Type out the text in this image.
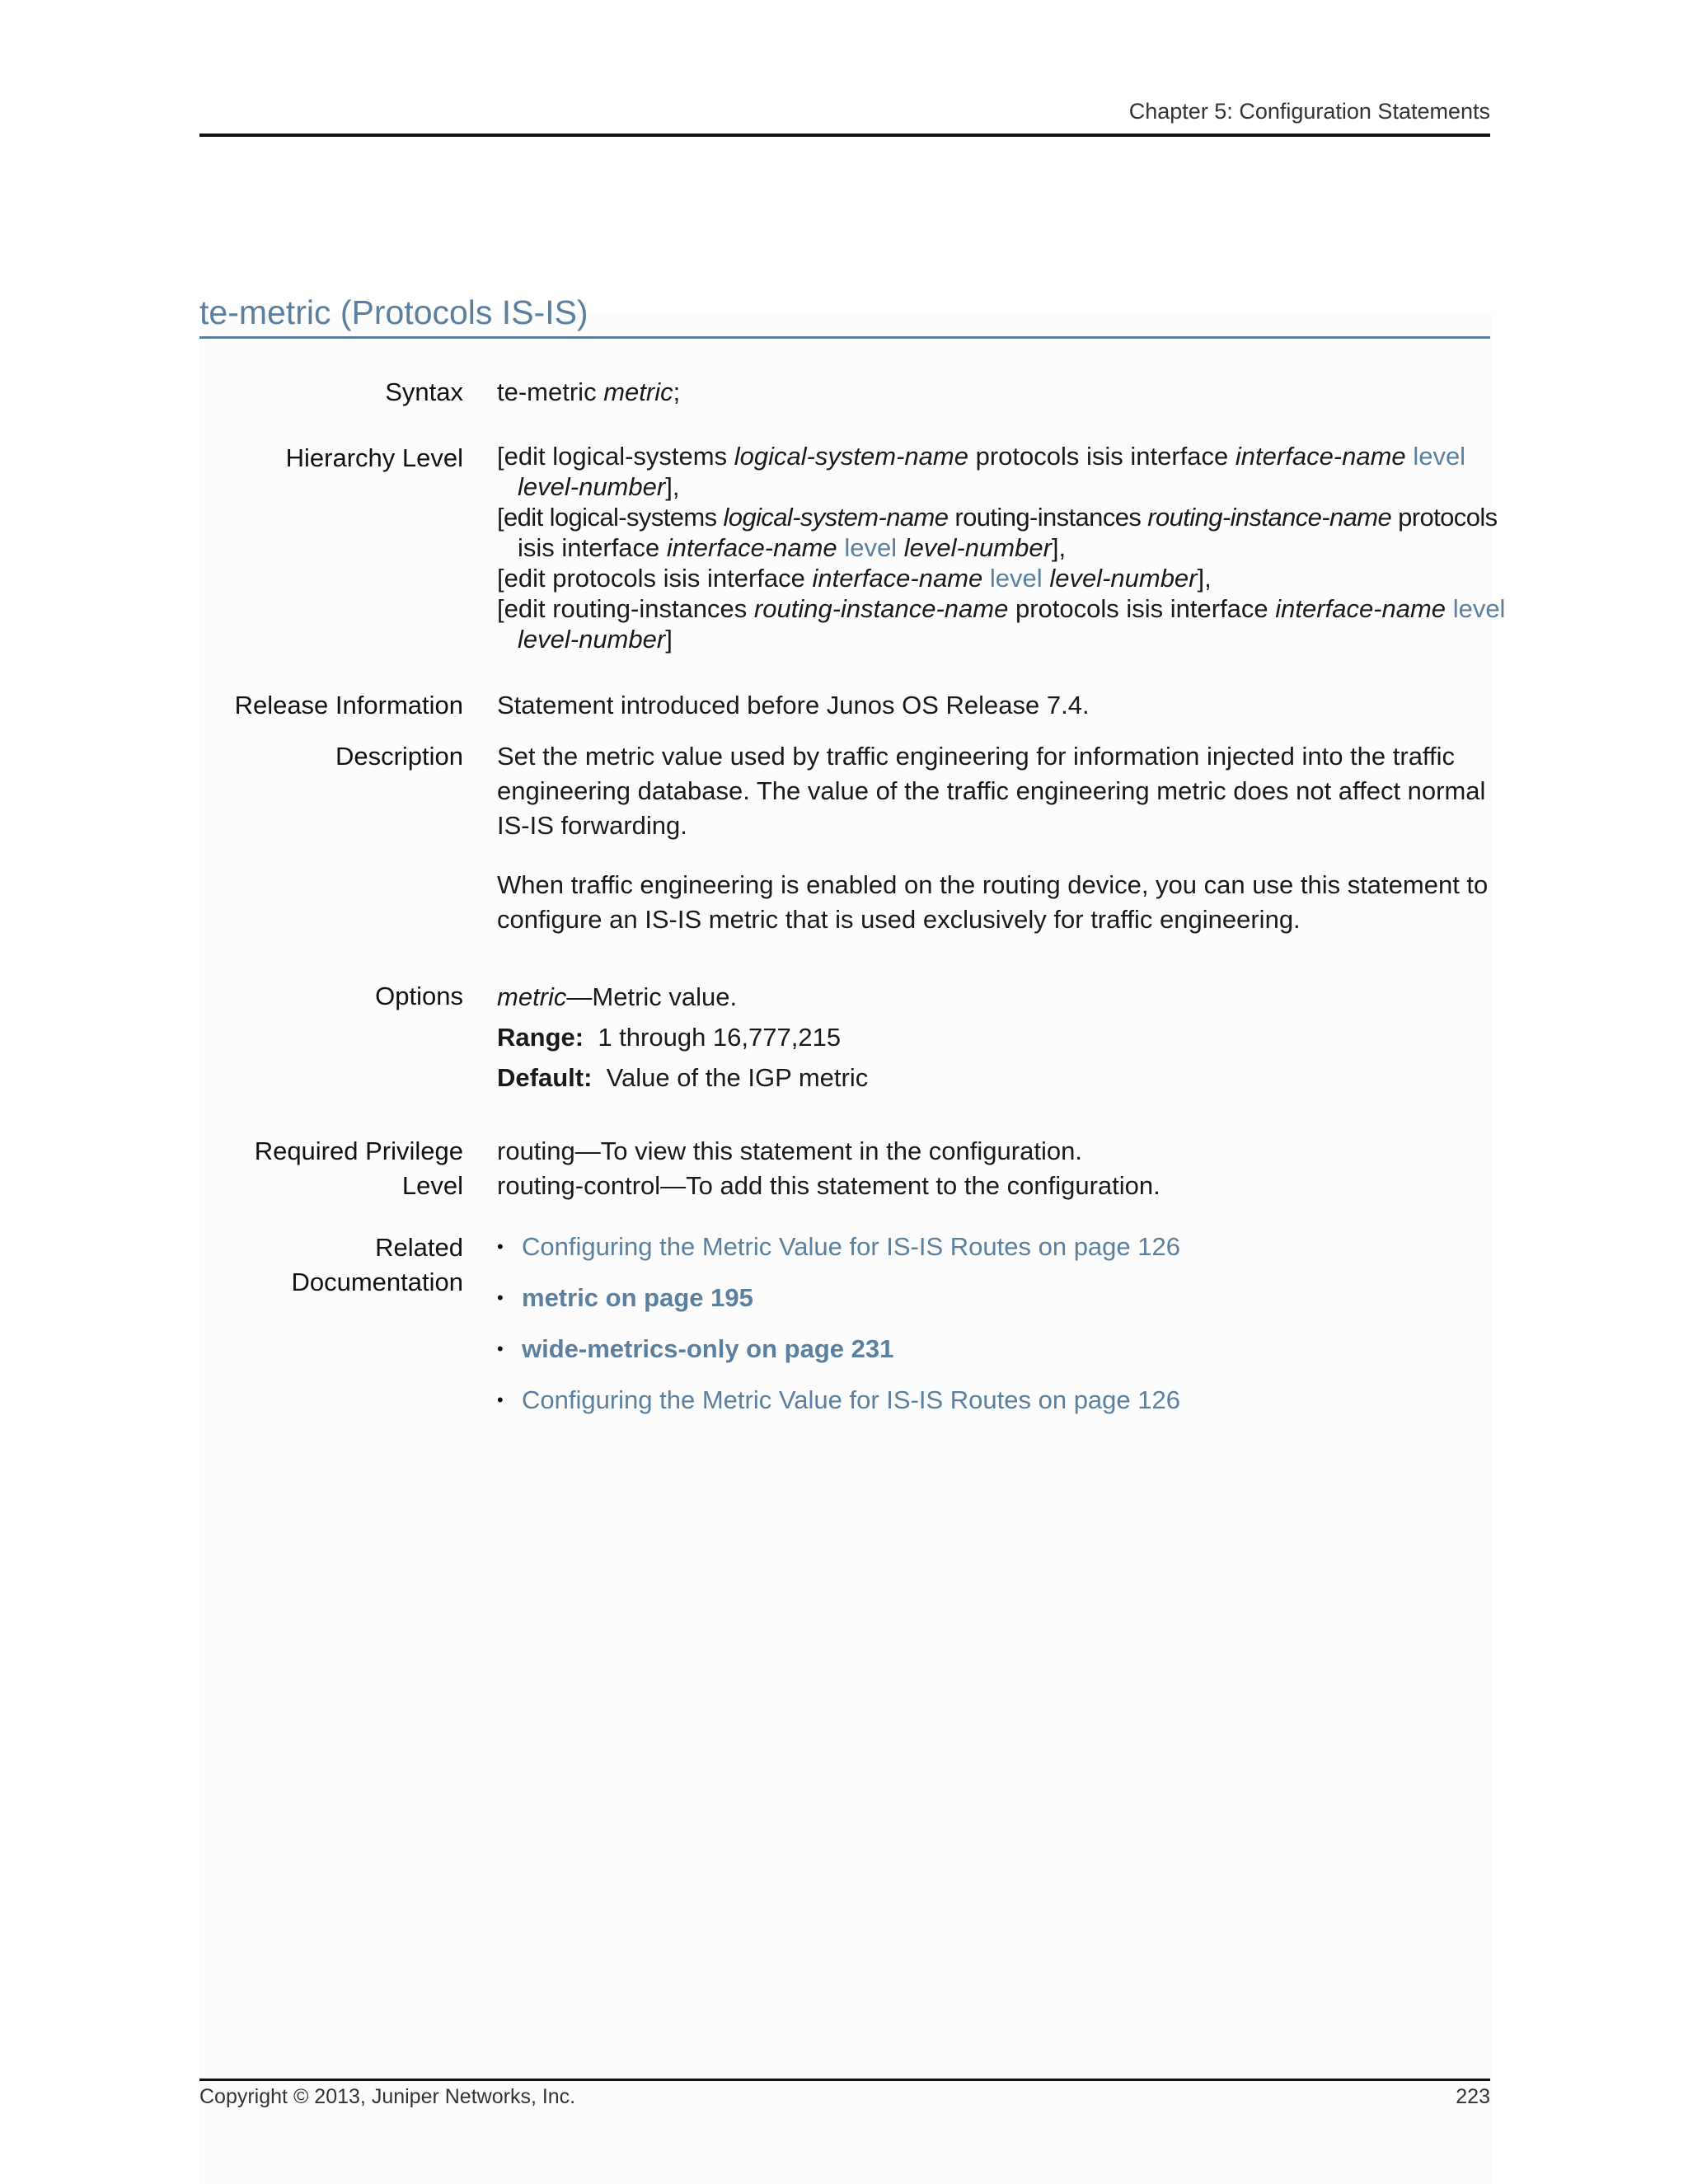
Chapter 5: Configuration Statements
te-metric (Protocols IS-IS)
Syntax te-metric metric;
Hierarchy Level [edit logical-systems logical-system-name protocols isis interface interface-name level

level-number],

[edit logical-systems logical-system-name routing-instances routing-instance-name protocols

isis interface interface-name level level-number],

[edit protocols isis interface interface-name level level-number],

[edit routing-instances routing-instance-name protocols isis interface interface-name level

level-number]

Release Information Statement introduced before Junos OS Release 7.4.
Description Set the metric value used by traffic engineering for information injected into the traffic engineering database. The value of the traffic engineering metric does not affect normal IS-IS forwarding.

When traffic engineering is enabled on the routing device, you can use this statement to configure an IS-IS metric that is used exclusively for traffic engineering.

Options metric—Metric value.

Range: 1 through 16,777,215

Default: Value of the IGP metric

Required Privilege
Level

routing—To view this statement in the configuration.

routing-control—To add this statement to the configuration.

Related
Documentation
• Configuring the Metric Value for IS-IS Routes on page 126
• metric on page 195
• wide-metrics-only on page 231
• Configuring the Metric Value for IS-IS Routes on page 126
Copyright © 2013, Juniper Networks, Inc.	223
